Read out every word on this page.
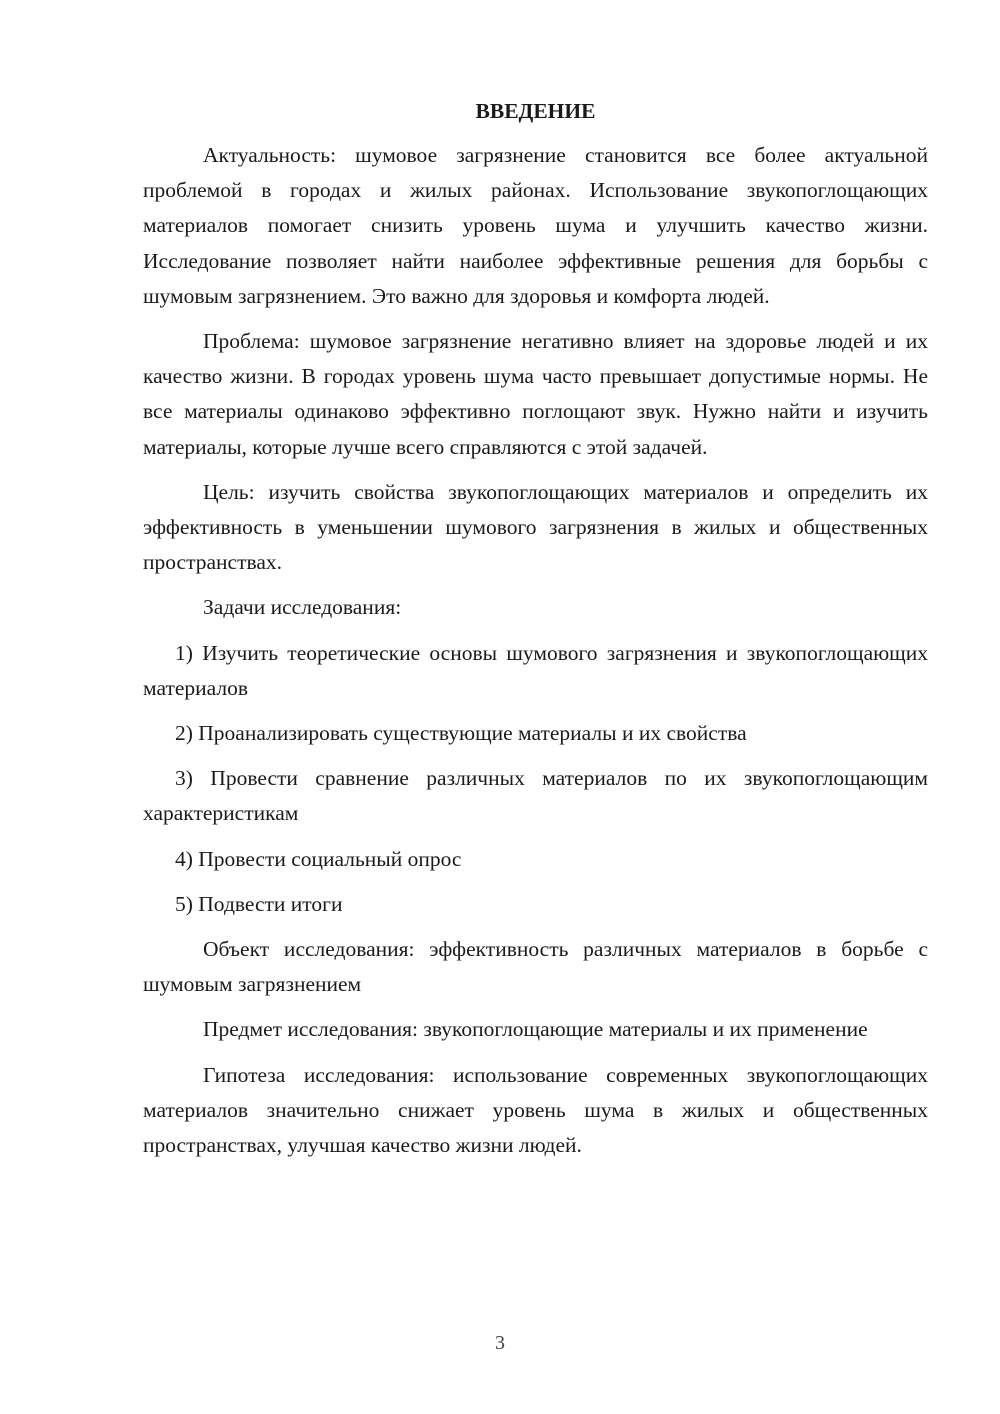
ВВЕДЕНИЕ

Актуальность: шумовое загрязнение становится все более актуальной проблемой в городах и жилых районах. Использование звукопоглощающих материалов помогает снизить уровень шума и улучшить качество жизни. Исследование позволяет найти наиболее эффективные решения для борьбы с шумовым загрязнением. Это важно для здоровья и комфорта людей.

Проблема: шумовое загрязнение негативно влияет на здоровье людей и их качество жизни. В городах уровень шума часто превышает допустимые нормы. Не все материалы одинаково эффективно поглощают звук. Нужно найти и изучить материалы, которые лучше всего справляются с этой задачей.

Цель: изучить свойства звукопоглощающих материалов и определить их эффективность в уменьшении шумового загрязнения в жилых и общественных пространствах.

Задачи исследования:

1) Изучить теоретические основы шумового загрязнения и звукопоглощающих материалов

2) Проанализировать существующие материалы и их свойства

3) Провести сравнение различных материалов по их звукопоглощающим характеристикам

4) Провести социальный опрос

5) Подвести итоги

Объект исследования: эффективность различных материалов в борьбе с шумовым загрязнением

Предмет исследования: звукопоглощающие материалы и их применение

Гипотеза исследования: использование современных звукопоглощающих материалов значительно снижает уровень шума в жилых и общественных пространствах, улучшая качество жизни людей.

3
